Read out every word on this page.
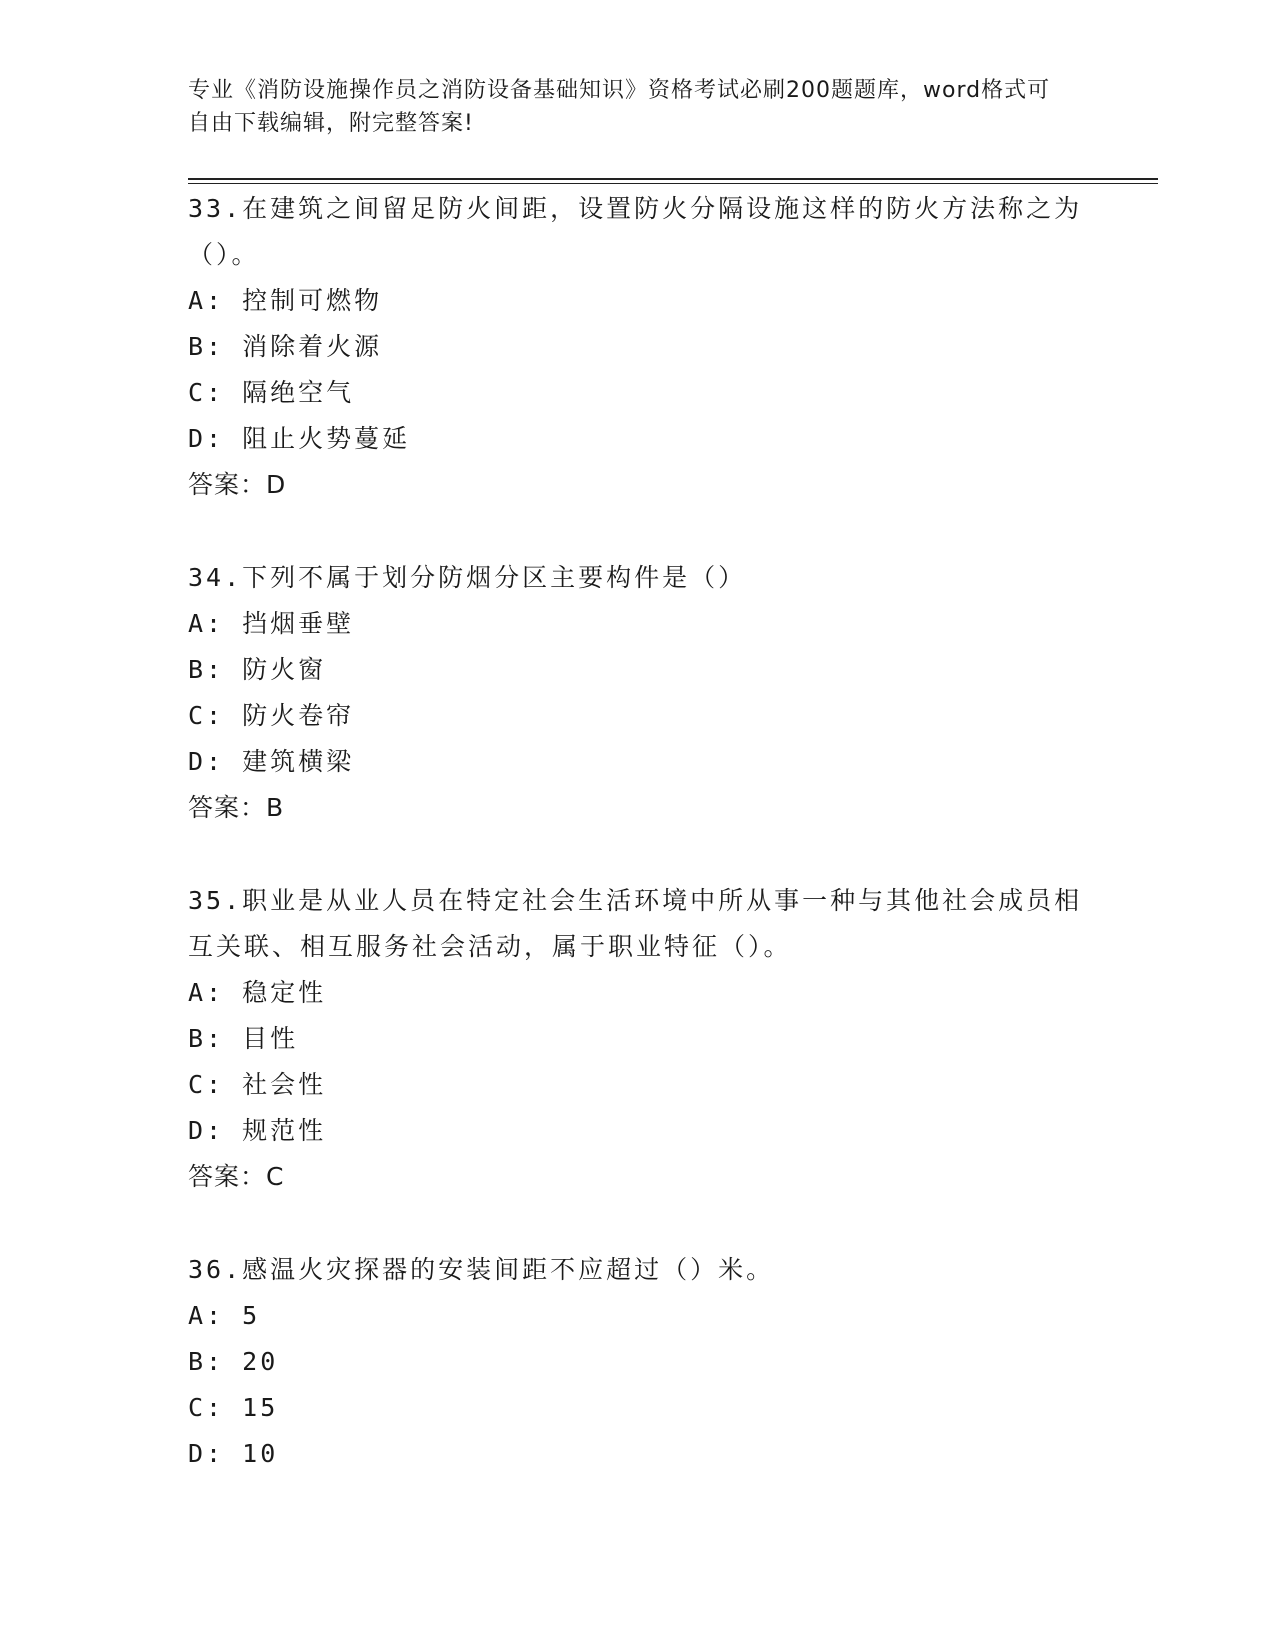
专业《消防设施操作员之消防设备基础知识》资格考试必刷200题题库，word格式可自由下载编辑，附完整答案!
33.在建筑之间留足防火间距，设置防火分隔设施这样的防火方法称之为（）。
A: 控制可燃物
B: 消除着火源
C: 隔绝空气
D: 阻止火势蔓延
答案：D
34.下列不属于划分防烟分区主要构件是（）
A: 挡烟垂壁
B: 防火窗
C: 防火卷帘
D: 建筑横梁
答案：B
35.职业是从业人员在特定社会生活环境中所从事一种与其他社会成员相互关联、相互服务社会活动，属于职业特征（）。
A: 稳定性
B: 目性
C: 社会性
D: 规范性
答案：C
36.感温火灾探器的安装间距不应超过（）米。
A: 5
B: 20
C: 15
D: 10
